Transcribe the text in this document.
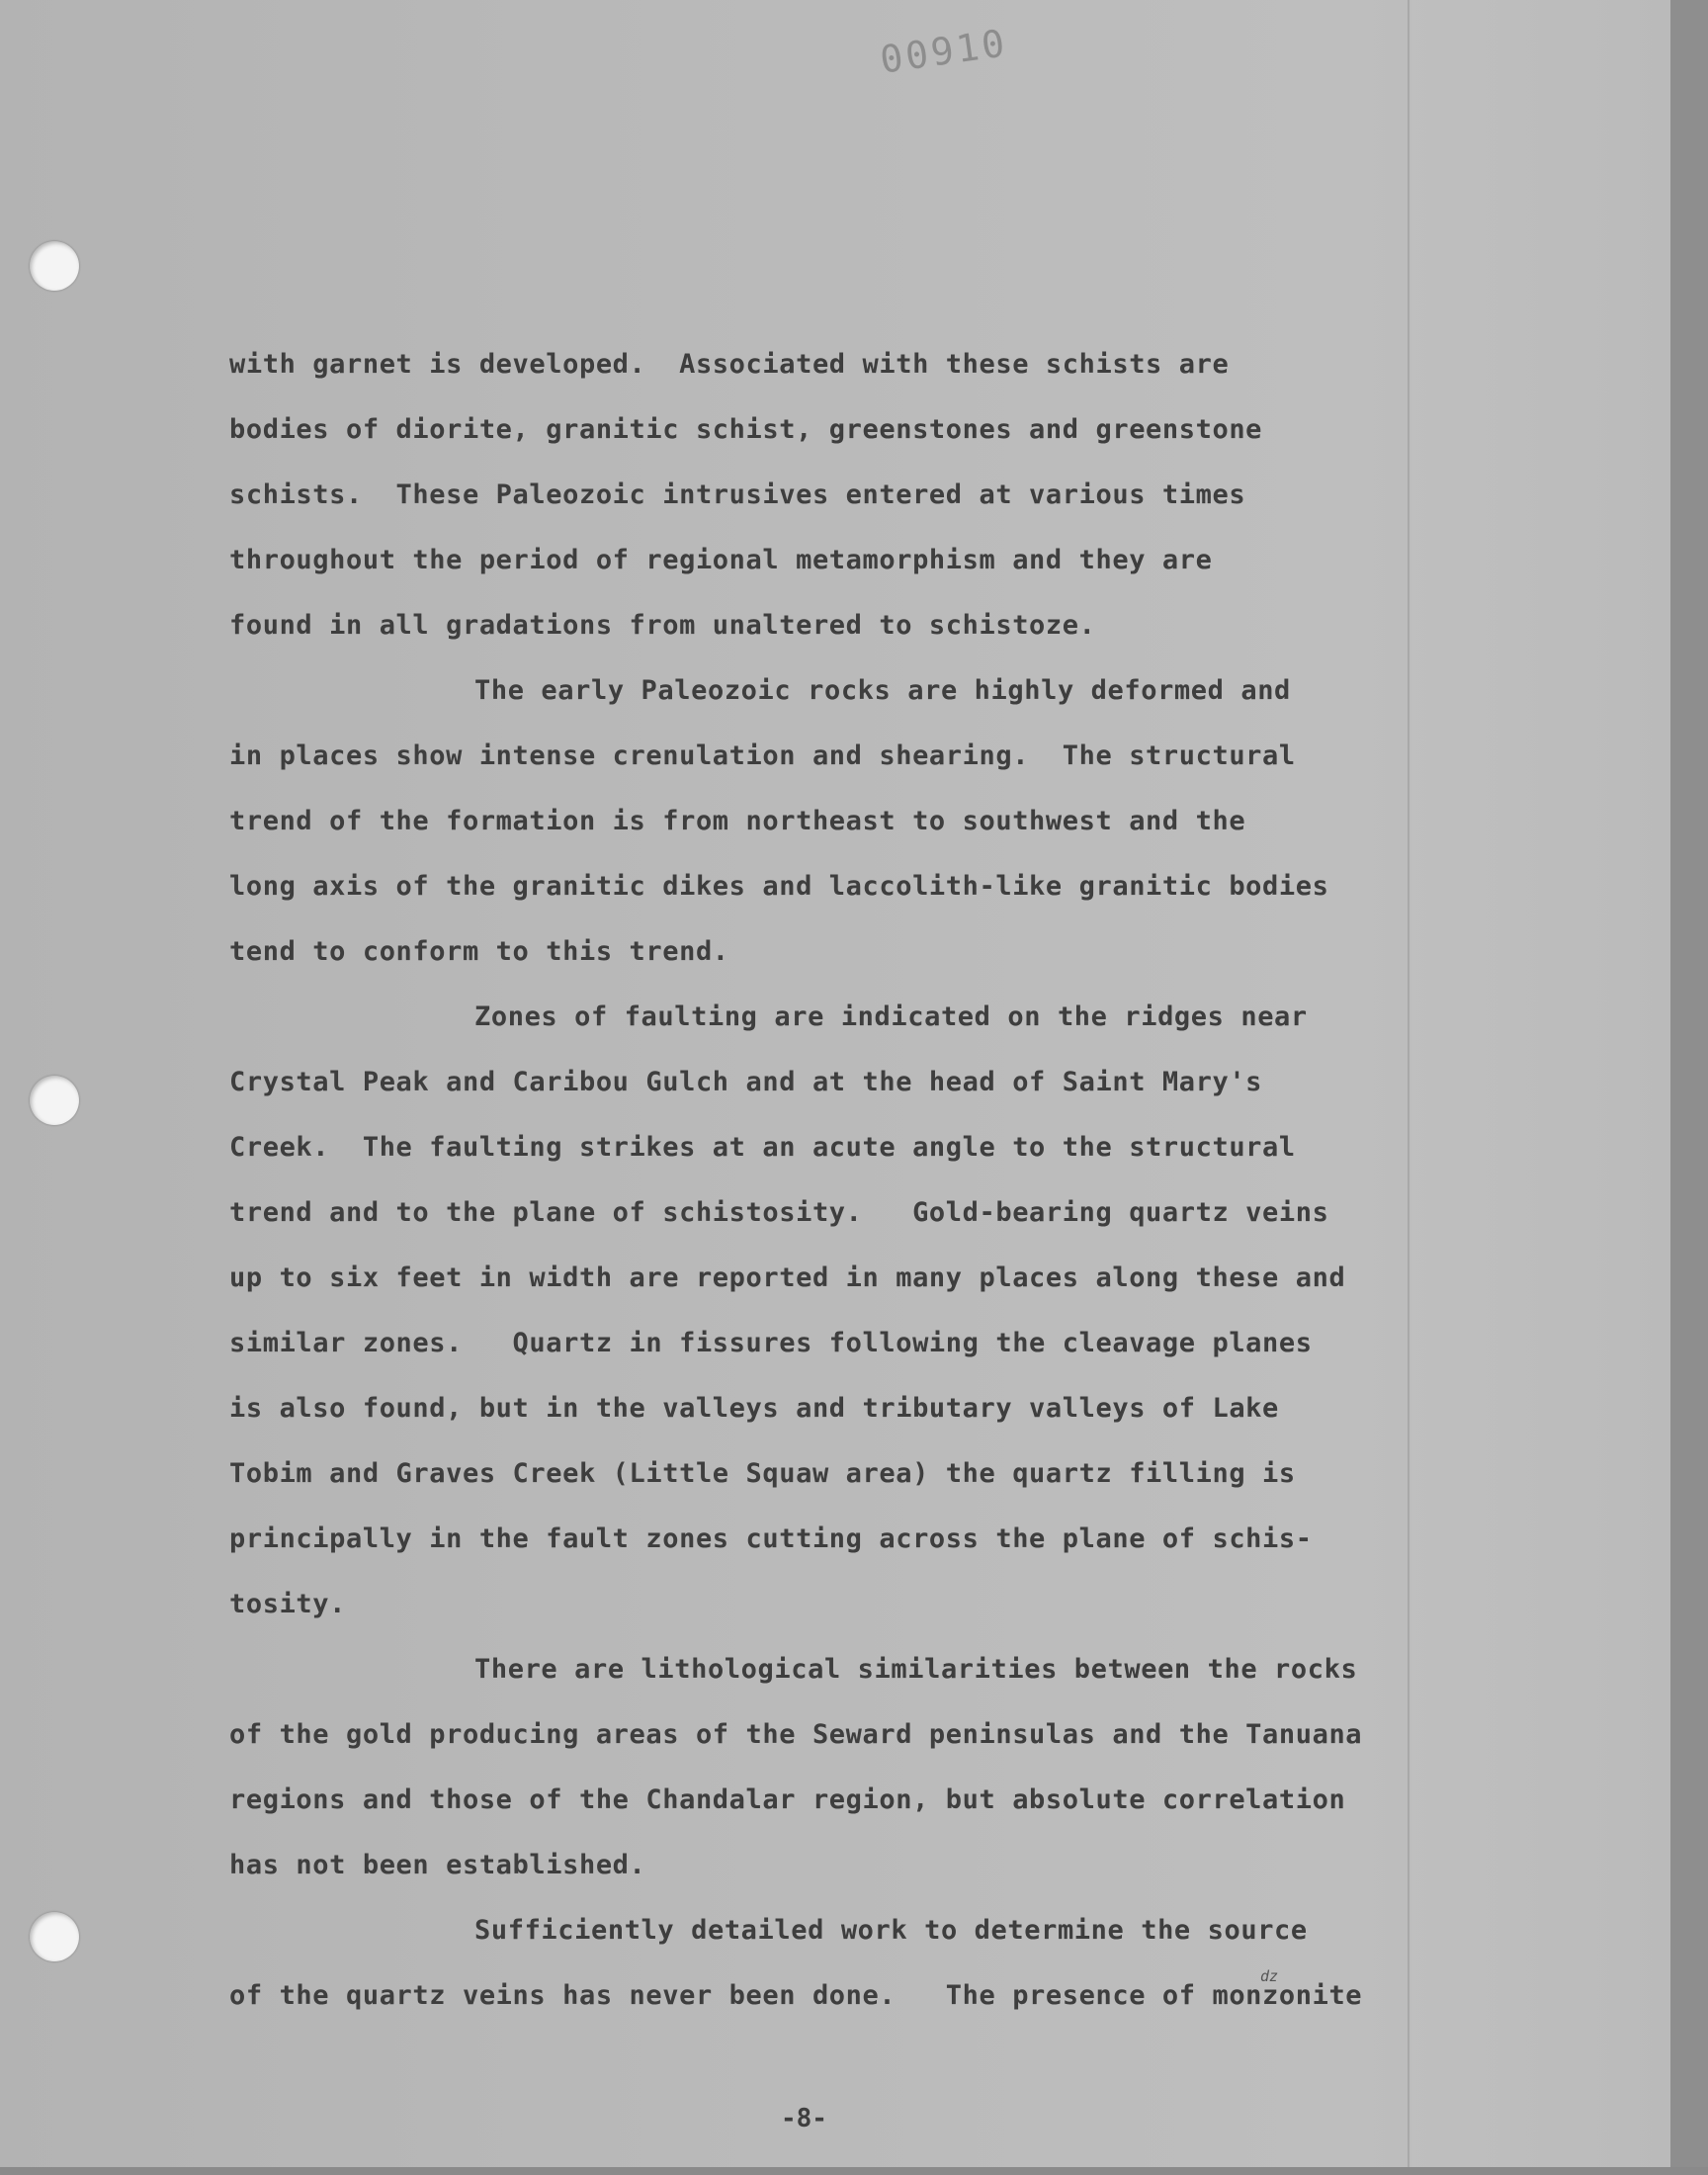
00910
with garnet is developed.  Associated with these schists are
bodies of diorite, granitic schist, greenstones and greenstone
schists.  These Paleozoic intrusives entered at various times
throughout the period of regional metamorphism and they are
found in all gradations from unaltered to schistoze.
The early Paleozoic rocks are highly deformed and
in places show intense crenulation and shearing.  The structural
trend of the formation is from northeast to southwest and the
long axis of the granitic dikes and laccolith-like granitic bodies
tend to conform to this trend.
Zones of faulting are indicated on the ridges near
Crystal Peak and Caribou Gulch and at the head of Saint Mary's
Creek.  The faulting strikes at an acute angle to the structural
trend and to the plane of schistosity.   Gold-bearing quartz veins
up to six feet in width are reported in many places along these and
similar zones.   Quartz in fissures following the cleavage planes
is also found, but in the valleys and tributary valleys of Lake
Tobim and Graves Creek (Little Squaw area) the quartz filling is
principally in the fault zones cutting across the plane of schis-
tosity.
There are lithological similarities between the rocks
of the gold producing areas of the Seward peninsulas and the Tanuana
regions and those of the Chandalar region, but absolute correlation
has not been established.
Sufficiently detailed work to determine the source
of the quartz veins has never been done.   The presence of monzonite
dz
-8-
